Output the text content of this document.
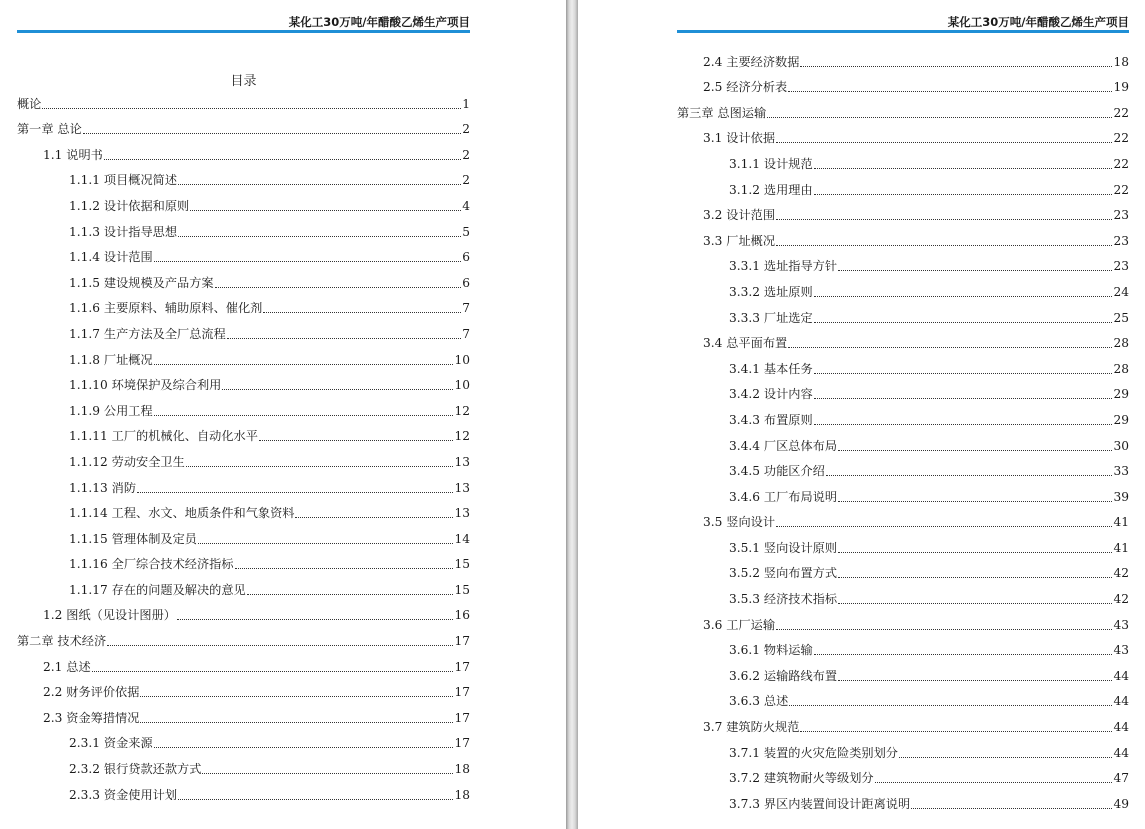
某化工30万吨/年醋酸乙烯生产项目
目录
概论	1
第一章 总论	2
1.1 说明书	2
1.1.1 项目概况简述	2
1.1.2 设计依据和原则	4
1.1.3 设计指导思想	5
1.1.4 设计范围	6
1.1.5 建设规模及产品方案	6
1.1.6 主要原料、辅助原料、催化剂	7
1.1.7 生产方法及全厂总流程	7
1.1.8 厂址概况	10
1.1.10 环境保护及综合利用	10
1.1.9 公用工程	12
1.1.11 工厂的机械化、自动化水平	12
1.1.12 劳动安全卫生	13
1.1.13 消防	13
1.1.14 工程、水文、地质条件和气象资料	13
1.1.15 管理体制及定员	14
1.1.16 全厂综合技术经济指标	15
1.1.17 存在的问题及解决的意见	15
1.2 图纸（见设计图册）	16
第二章 技术经济	17
2.1 总述	17
2.2 财务评价依据	17
2.3 资金筹措情况	17
2.3.1 资金来源	17
2.3.2 银行贷款还款方式	18
2.3.3 资金使用计划	18
某化工30万吨/年醋酸乙烯生产项目
2.4 主要经济数据	18
2.5 经济分析表	19
第三章 总图运输	22
3.1 设计依据	22
3.1.1 设计规范	22
3.1.2 选用理由	22
3.2 设计范围	23
3.3 厂址概况	23
3.3.1 选址指导方针	23
3.3.2 选址原则	24
3.3.3 厂址选定	25
3.4 总平面布置	28
3.4.1 基本任务	28
3.4.2 设计内容	29
3.4.3 布置原则	29
3.4.4 厂区总体布局	30
3.4.5 功能区介绍	33
3.4.6 工厂布局说明	39
3.5 竖向设计	41
3.5.1 竖向设计原则	41
3.5.2 竖向布置方式	42
3.5.3 经济技术指标	42
3.6 工厂运输	43
3.6.1 物料运输	43
3.6.2 运输路线布置	44
3.6.3 总述	44
3.7 建筑防火规范	44
3.7.1 装置的火灾危险类别划分	44
3.7.2 建筑物耐火等级划分	47
3.7.3 界区内装置间设计距离说明	49
